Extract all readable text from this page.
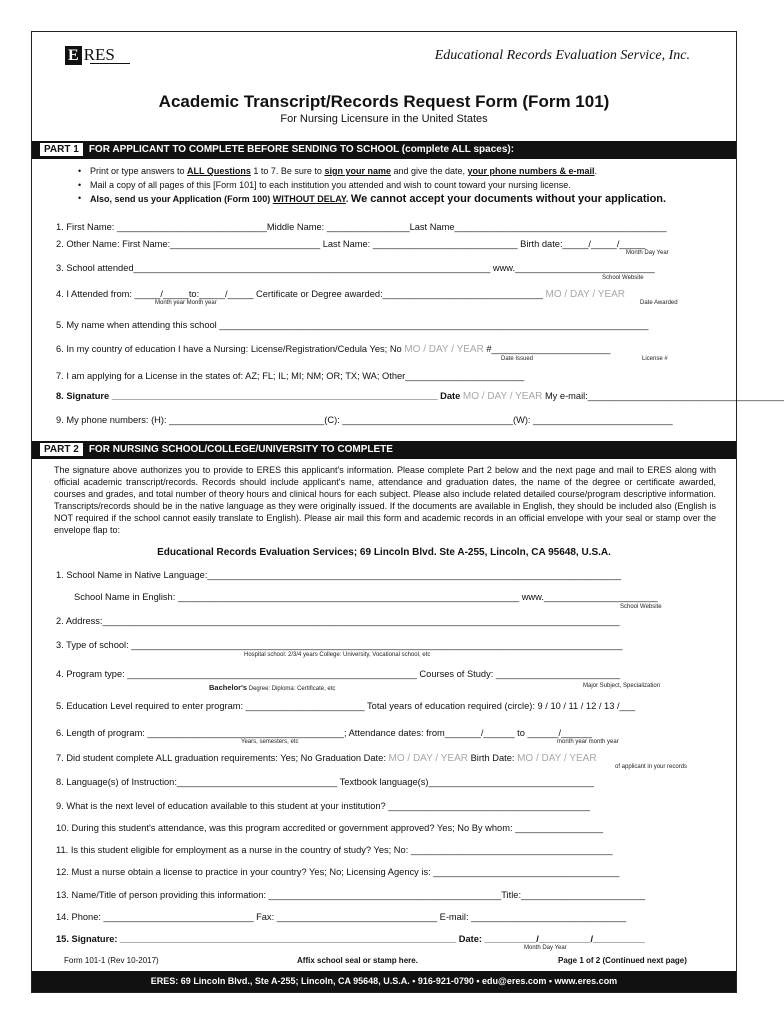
E RES	Educational Records Evaluation Service, Inc.
Academic Transcript/Records Request Form (Form 101)
For Nursing Licensure in the United States
PART 1 FOR APPLICANT TO COMPLETE BEFORE SENDING TO SCHOOL (complete ALL spaces):
• Print or type answers to ALL Questions 1 to 7. Be sure to sign your name and give the date, your phone numbers & e-mail.
• Mail a copy of all pages of this [Form 101] to each institution you attended and wish to count toward your nursing license.
• Also, send us your Application (Form 100) WITHOUT DELAY. We cannot accept your documents without your application.
1. First Name: _____________________________Middle Name: ________________Last Name_________________________________________
2. Other Name: First Name:_____________________________ Last Name: ____________________________ Birth date:_____/_____/_____
Month Day Year
3. School attended_____________________________________________________________________ www.___________________________
School Website
4. I Attended from: _____/_____to:_____/_____ Certificate or Degree awarded:_______________________________ MO / DAY / YEAR
Month year Month year	Date Awarded
5. My name when attending this school ___________________________________________________________________________________
6. In my country of education I have a Nursing: License/Registration/Cedula Yes; No MO / DAY / YEAR #_______________________
Date Issued	License #
7. I am applying for a License in the states of: AZ; FL; IL; MI; NM; OR; TX; WA; Other_______________________
8. Signature _______________________________________________________________ Date MO / DAY / YEAR My e-mail:______________________________________
9. My phone numbers: (H): ______________________________(C): _________________________________(W): ___________________________
PART 2 FOR NURSING SCHOOL/COLLEGE/UNIVERSITY TO COMPLETE
The signature above authorizes you to provide to ERES this applicant's information. Please complete Part 2 below and the next page and mail to ERES along with official academic transcript/records. Records should include applicant's name, attendance and graduation dates, the name of the degree or certificate awarded, courses and grades, and total number of theory hours and clinical hours for each subject. Please also include related detailed course/program descriptive information. Transcripts/records should be in the native language as they were originally issued. If the documents are available in English, they should be included also (English is NOT required if the school cannot easily translate to English). Please air mail this form and academic records in an official envelope with your seal or stamp over the envelope flap to:
Educational Records Evaluation Services; 69 Lincoln Blvd. Ste A-255, Lincoln, CA 95648, U.S.A.
1. School Name in Native Language:________________________________________________________________________________
School Name in English: __________________________________________________________________ www.______________________
School Website
2. Address:____________________________________________________________________________________________________
3. Type of school: _______________________________________________________________________________________________
Hospital school: 2/3/4 years College: University, Vocational school, etc
4. Program type: ________________________________________________________ Courses of Study: ________________________
Bachelor's Degree: Diploma: Certificate, etc	Major Subject, Specialization
5. Education Level required to enter program: _______________________ Total years of education required (circle): 9 / 10 / 11 / 12 / 13 /___
6. Length of program: ______________________________________; Attendance dates: from_______/______ to ______/______
Years, semesters, etc	month year month year
7. Did student complete ALL graduation requirements: Yes; No Graduation Date: MO / DAY / YEAR Birth Date: MO / DAY / YEAR
of applicant in your records
8. Language(s) of Instruction:_______________________________ Textbook language(s)________________________________
9. What is the next level of education available to this student at your institution? _______________________________________
10. During this student's attendance, was this program accredited or government approved? Yes; No By whom: _________________
11. Is this student eligible for employment as a nurse in the country of study? Yes; No: _______________________________________
12. Must a nurse obtain a license to practice in your country? Yes; No; Licensing Agency is: ____________________________________
13. Name/Title of person providing this information: _____________________________________________Title:________________________
14. Phone: _____________________________ Fax: _______________________________ E-mail: ______________________________
15. Signature: _________________________________________________________________ Date: __________/__________/__________
Month Day Year
Form 101-1 (Rev 10-2017)	Affix school seal or stamp here.	Page 1 of 2 (Continued next page)
ERES: 69 Lincoln Blvd., Ste A-255; Lincoln, CA 95648, U.S.A. • 916-921-0790 • edu@eres.com • www.eres.com
